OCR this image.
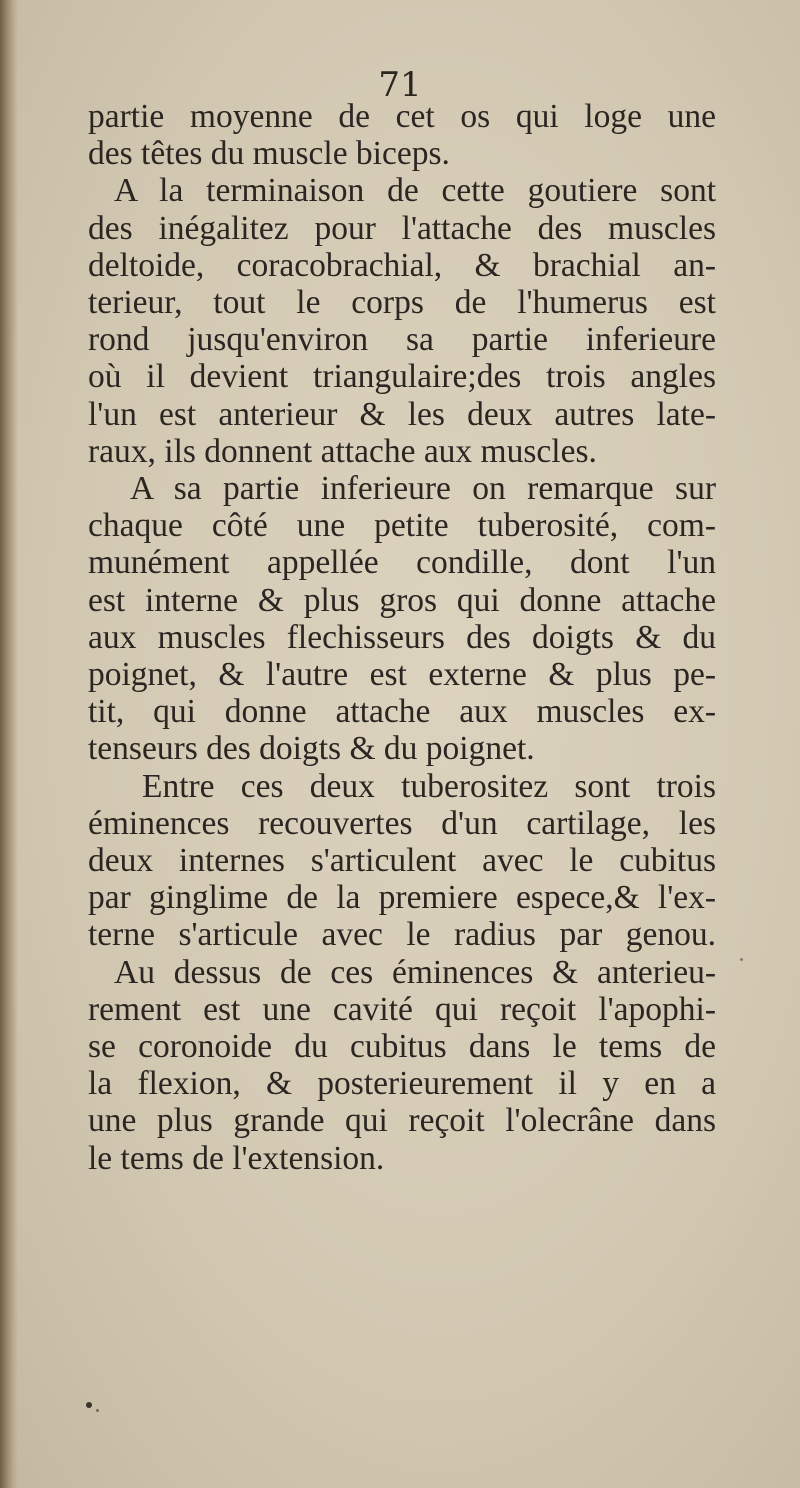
71
partie moyenne de cet os qui loge une
des têtes du muscle biceps.
A la terminaison de cette goutiere sont
des inégalitez pour l'attache des muscles
deltoide, coracobrachial, & brachial an-
terieur, tout le corps de l'humerus est
rond jusqu'environ sa partie inferieure
où il devient triangulaire;des trois angles
l'un est anterieur & les deux autres late-
raux, ils donnent attache aux muscles.
A sa partie inferieure on remarque sur
chaque côté une petite tuberosité, com-
munément appellée condille, dont l'un
est interne & plus gros qui donne attache
aux muscles flechisseurs des doigts & du
poignet, & l'autre est externe & plus pe-
tit, qui donne attache aux muscles ex-
tenseurs des doigts & du poignet.
Entre ces deux tuberositez sont trois
éminences recouvertes d'un cartilage, les
deux internes s'articulent avec le cubitus
par ginglime de la premiere espece,& l'ex-
terne s'articule avec le radius par genou.
Au dessus de ces éminences & anterieu-
rement est une cavité qui reçoit l'apophi-
se coronoide du cubitus dans le tems de
la flexion, & posterieurement il y en a
une plus grande qui reçoit l'olecrâne dans
le tems de l'extension.
